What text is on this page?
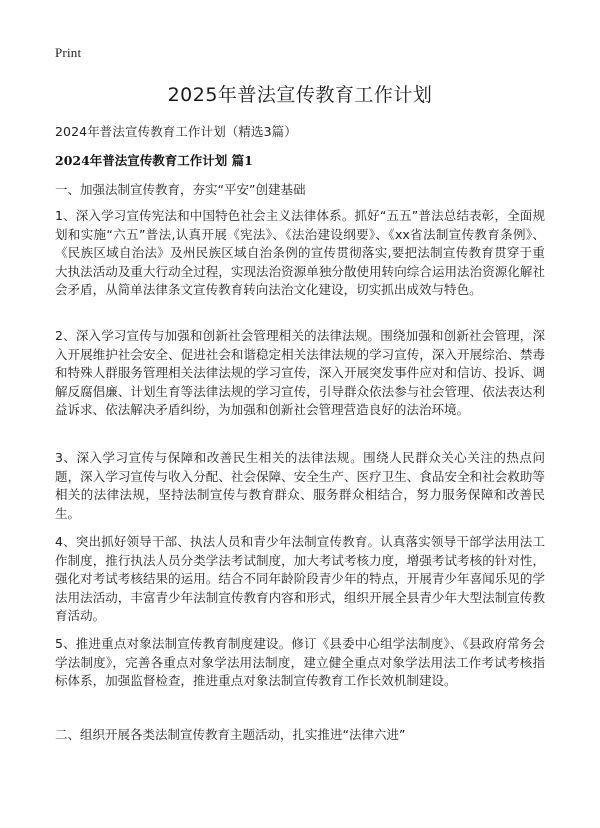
Print
2025年普法宣传教育工作计划
2024年普法宣传教育工作计划（精选3篇）
2024年普法宣传教育工作计划 篇1
一、加强法制宣传教育，夯实“平安”创建基础
1、深入学习宣传宪法和中国特色社会主义法律体系。抓好“五五”普法总结表彰，全面规划和实施“六五”普法,认真开展《宪法》、《法治建设纲要》、《xx省法制宣传教育条例》、《民族区域自治法》及州民族区域自治条例的宣传贯彻落实,要把法制宣传教育贯穿于重大执法活动及重大行动全过程，实现法治资源单独分散使用转向综合运用法治资源化解社会矛盾，从简单法律条文宣传教育转向法治文化建设，切实抓出成效与特色。
2、深入学习宣传与加强和创新社会管理相关的法律法规。围绕加强和创新社会管理，深入开展维护社会安全、促进社会和谐稳定相关法律法规的学习宣传，深入开展综治、禁毒和特殊人群服务管理相关法律法规的学习宣传，深入开展突发事件应对和信访、投诉、调解反腐倡廉、计划生育等法律法规的学习宣传，引导群众依法参与社会管理、依法表达利益诉求、依法解决矛盾纠纷，为加强和创新社会管理营造良好的法治环境。
3、深入学习宣传与保障和改善民生相关的法律法规。围绕人民群众关心关注的热点问题，深入学习宣传与收入分配、社会保障、安全生产、医疗卫生、食品安全和社会救助等相关的法律法规，坚持法制宣传与教育群众、服务群众相结合，努力服务保障和改善民生。
4、突出抓好领导干部、执法人员和青少年法制宣传教育。认真落实领导干部学法用法工作制度，推行执法人员分类学法考试制度，加大考试考核力度，增强考试考核的针对性，强化对考试考核结果的运用。结合不同年龄阶段青少年的特点，开展青少年喜闻乐见的学法用法活动，丰富青少年法制宣传教育内容和形式，组织开展全县青少年大型法制宣传教育活动。
5、推进重点对象法制宣传教育制度建设。修订《县委中心组学法制度》、《县政府常务会学法制度》，完善各重点对象学法用法制度，建立健全重点对象学法用法工作考试考核指标体系，加强监督检查，推进重点对象法制宣传教育工作长效机制建设。
二、组织开展各类法制宣传教育主题活动，扎实推进“法律六进”
